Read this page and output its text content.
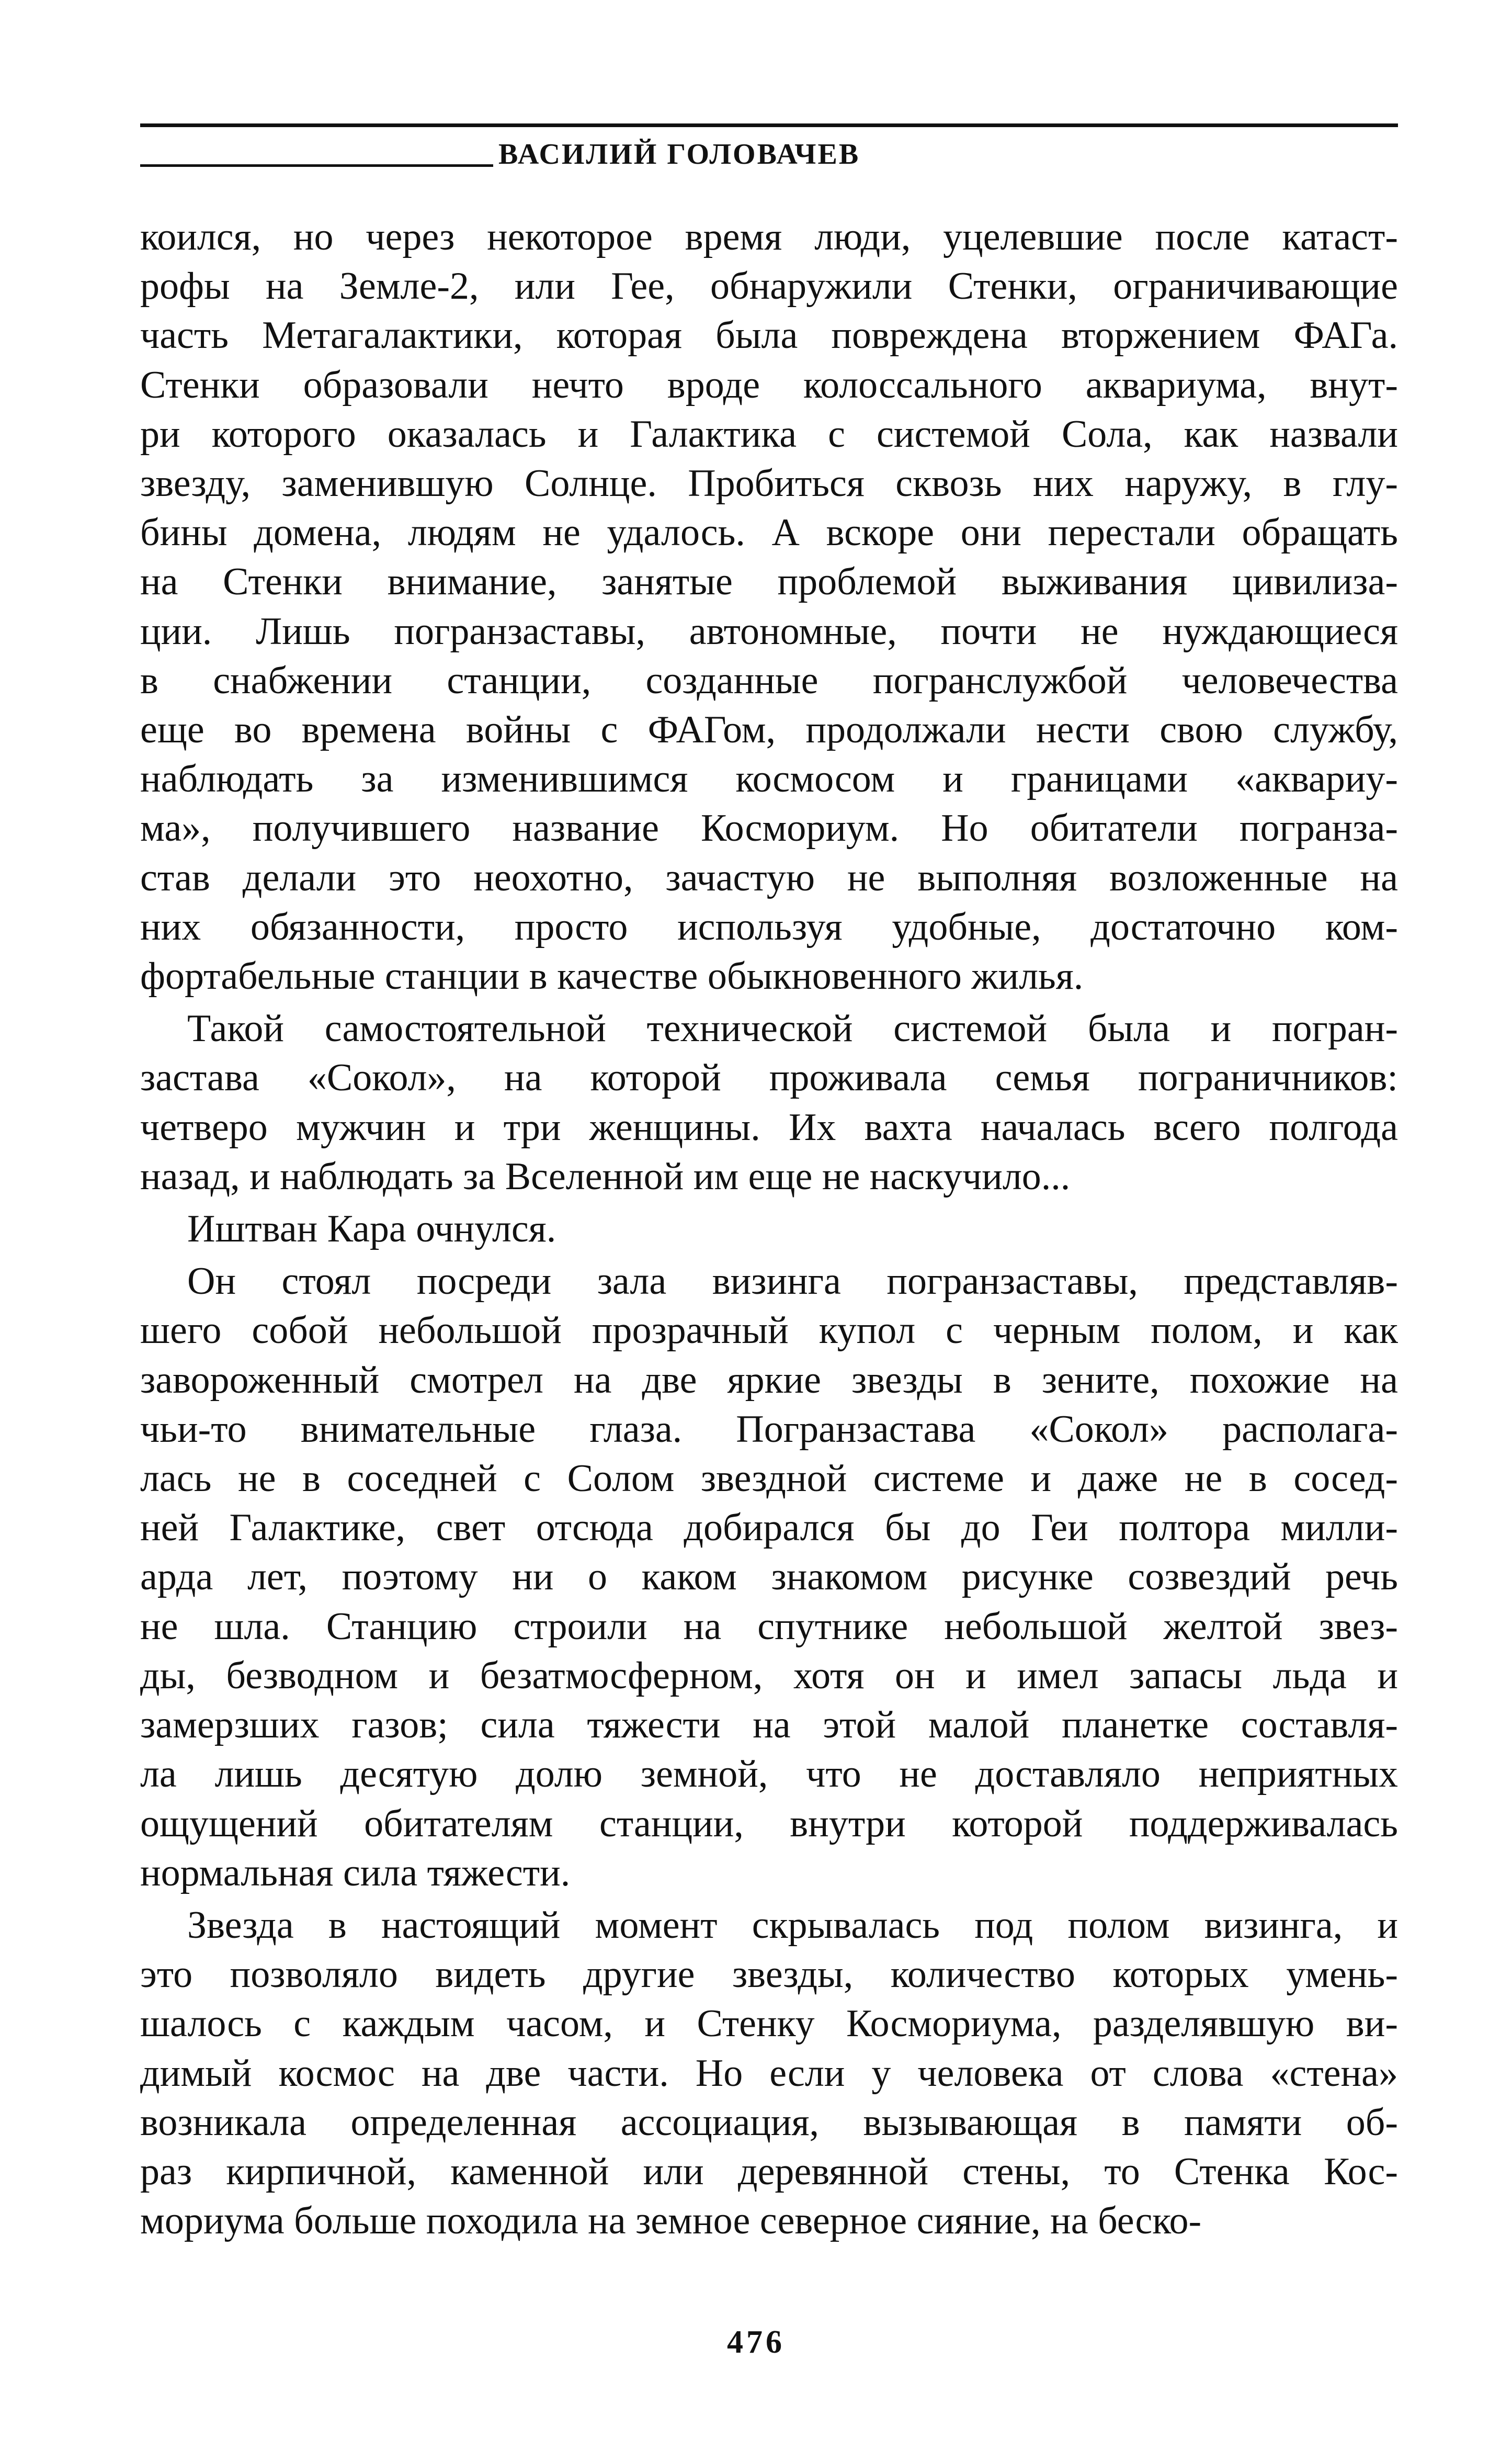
ВАСИЛИЙ ГОЛОВАЧЕВ

коился, но через некоторое время люди, уцелевшие после катаст-

рофы на Земле-2, или Гее, обнаружили Стенки, ограничивающие

часть Метагалактики, которая была повреждена вторжением ФАГа.

Стенки образовали нечто вроде колоссального аквариума, внут-

ри которого оказалась и Галактика с системой Сола, как назвали

звезду, заменившую Солнце. Пробиться сквозь них наружу, в глу-

бины домена, людям не удалось. А вскоре они перестали обращать

на Стенки внимание, занятые проблемой выживания цивилиза-

ции. Лишь погранзаставы, автономные, почти не нуждающиеся

в снабжении станции, созданные погранслужбой человечества

еще во времена войны с ФАГом, продолжали нести свою службу,

наблюдать за изменившимся космосом и границами «аквариу-

ма», получившего название Космориум. Но обитатели погранза-

став делали это неохотно, зачастую не выполняя возложенные на

них обязанности, просто используя удобные, достаточно ком-

фортабельные станции в качестве обыкновенного жилья.

Такой самостоятельной технической системой была и погран-

застава «Сокол», на которой проживала семья пограничников:

четверо мужчин и три женщины. Их вахта началась всего полгода

назад, и наблюдать за Вселенной им еще не наскучило...

Иштван Кара очнулся.

Он стоял посреди зала визинга погранзаставы, представляв-

шего собой небольшой прозрачный купол с черным полом, и как

завороженный смотрел на две яркие звезды в зените, похожие на

чьи-то внимательные глаза. Погранзастава «Сокол» располагa-

лась не в соседней с Солом звездной системе и даже не в сосед-

ней Галактике, свет отсюда добирался бы до Геи полтора милли-

арда лет, поэтому ни о каком знакомом рисунке созвездий речь

не шла. Станцию строили на спутнике небольшой желтой звез-

ды, безводном и безатмосферном, хотя он и имел запасы льда и

замерзших газов; сила тяжести на этой малой планетке составля-

ла лишь десятую долю земной, что не доставляло неприятных

ощущений обитателям станции, внутри которой поддерживалась

нормальная сила тяжести.

Звезда в настоящий момент скрывалась под полом визинга, и

это позволяло видеть другие звезды, количество которых умень-

шалось с каждым часом, и Стенку Космориума, разделявшую ви-

димый космос на две части. Но если у человека от слова «стена»

возникала определенная ассоциация, вызывающая в памяти об-

раз кирпичной, каменной или деревянной стены, то Стенка Кос-

мориума больше походила на земное северное сияние, на беско-

476
